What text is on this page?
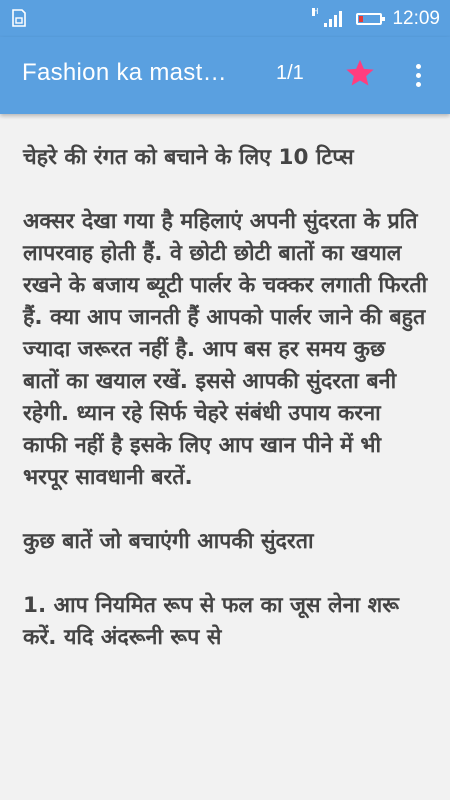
H	12:09
Fashion ka mast…	1/1

चेहरे की रंगत को बचाने के लिए 10 टिप्स

अक्सर देखा गया है महिलाएं अपनी सुंदरता के प्रति लापरवाह होती हैं. वे छोटी छोटी बातों का खयाल रखने के बजाय ब्यूटी पार्लर के चक्कर लगाती फिरती हैं. क्या आप जानती हैं आपको पार्लर जाने की बहुत ज्यादा जरूरत नहीं है. आप बस हर समय कुछ बातों का खयाल रखें. इससे आपकी सुंदरता बनी रहेगी. ध्यान रहे सिर्फ चेहरे संबंधी उपाय करना काफी नहीं है इसके लिए आप खान पीने में भी भरपूर सावधानी बरतें.

कुछ बातें जो बचाएंगी आपकी सुंदरता

1. आप नियमित रूप से फल का जूस लेना शरू करें. यदि अंदरूनी रूप से
